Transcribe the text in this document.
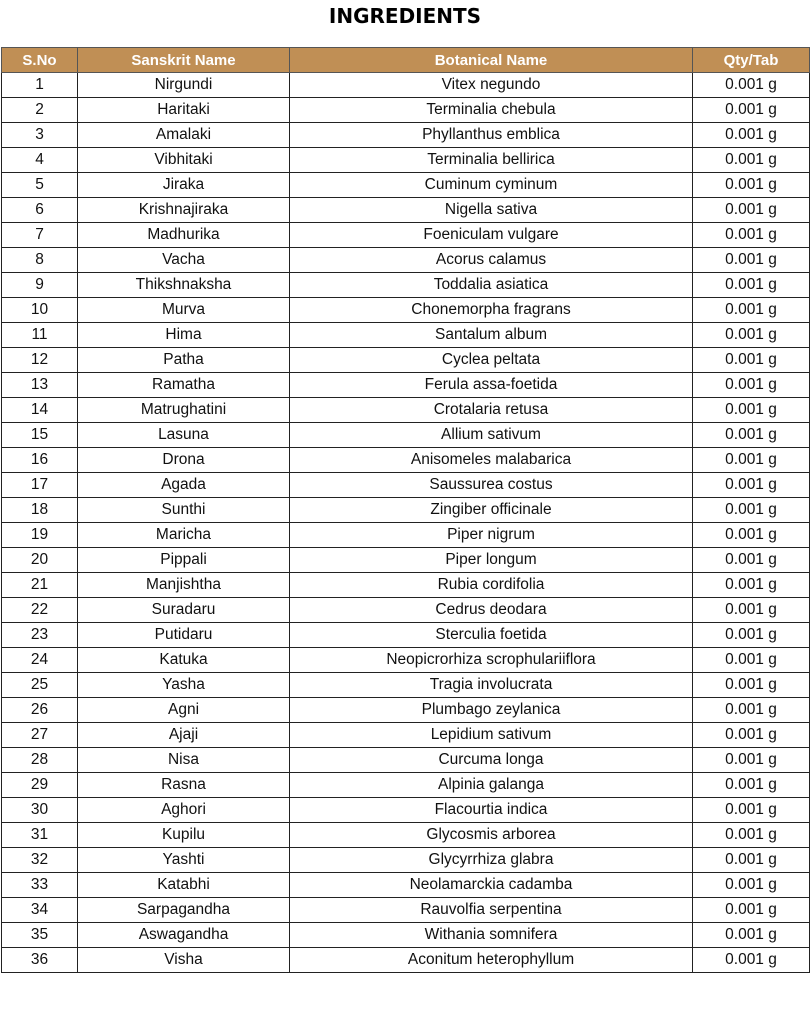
INGREDIENTS
S.No	Sanskrit Name	Botanical Name	Qty/Tab
1	Nirgundi	Vitex negundo	0.001 g
2	Haritaki	Terminalia chebula	0.001 g
3	Amalaki	Phyllanthus emblica	0.001 g
4	Vibhitaki	Terminalia bellirica	0.001 g
5	Jiraka	Cuminum cyminum	0.001 g
6	Krishnajiraka	Nigella sativa	0.001 g
7	Madhurika	Foeniculam vulgare	0.001 g
8	Vacha	Acorus calamus	0.001 g
9	Thikshnaksha	Toddalia asiatica	0.001 g
10	Murva	Chonemorpha fragrans	0.001 g
11	Hima	Santalum album	0.001 g
12	Patha	Cyclea peltata	0.001 g
13	Ramatha	Ferula assa-foetida	0.001 g
14	Matrughatini	Crotalaria retusa	0.001 g
15	Lasuna	Allium sativum	0.001 g
16	Drona	Anisomeles malabarica	0.001 g
17	Agada	Saussurea costus	0.001 g
18	Sunthi	Zingiber officinale	0.001 g
19	Maricha	Piper nigrum	0.001 g
20	Pippali	Piper longum	0.001 g
21	Manjishtha	Rubia cordifolia	0.001 g
22	Suradaru	Cedrus deodara	0.001 g
23	Putidaru	Sterculia foetida	0.001 g
24	Katuka	Neopicrorhiza scrophulariiflora	0.001 g
25	Yasha	Tragia involucrata	0.001 g
26	Agni	Plumbago zeylanica	0.001 g
27	Ajaji	Lepidium sativum	0.001 g
28	Nisa	Curcuma longa	0.001 g
29	Rasna	Alpinia galanga	0.001 g
30	Aghori	Flacourtia indica	0.001 g
31	Kupilu	Glycosmis arborea	0.001 g
32	Yashti	Glycyrrhiza glabra	0.001 g
33	Katabhi	Neolamarckia cadamba	0.001 g
34	Sarpagandha	Rauvolfia serpentina	0.001 g
35	Aswagandha	Withania somnifera	0.001 g
36	Visha	Aconitum heterophyllum	0.001 g
